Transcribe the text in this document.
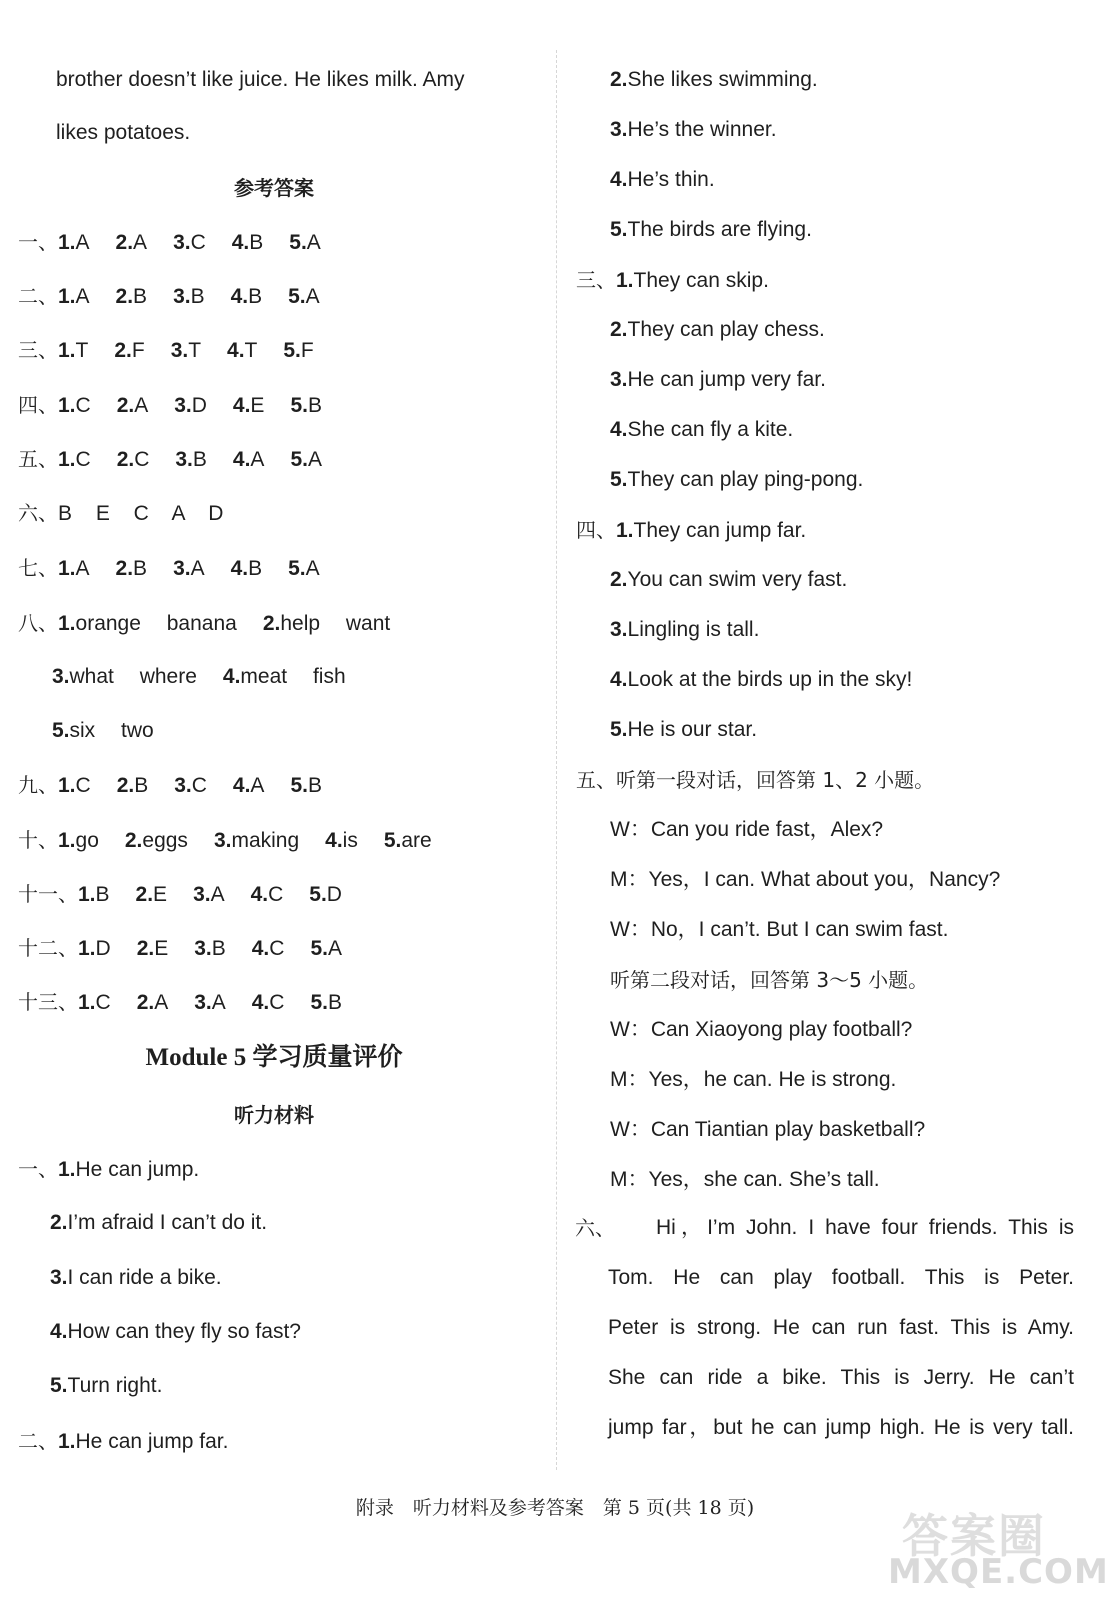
brother doesn’t like juice. He likes milk. Amy
likes potatoes.
参考答案
一、1.A 2.A 3.C 4.B 5.A
二、1.A 2.B 3.B 4.B 5.A
三、1.T 2.F 3.T 4.T 5.F
四、1.C 2.A 3.D 4.E 5.B
五、1.C 2.C 3.B 4.A 5.A
六、B E C A D
七、1.A 2.B 3.A 4.B 5.A
八、1.orange banana 2.help want
3.what where 4.meat fish
5.six two
九、1.C 2.B 3.C 4.A 5.B
十、1.go 2.eggs 3.making 4.is 5.are
十一、1.B 2.E 3.A 4.C 5.D
十二、1.D 2.E 3.B 4.C 5.A
十三、1.C 2.A 3.A 4.C 5.B
Module 5 学习质量评价
听力材料
一、1.He can jump.
2.I’m afraid I can’t do it.
3.I can ride a bike.
4.How can they fly so fast?
5.Turn right.
二、1.He can jump far.
2.She likes swimming.
3.He’s the winner.
4.He’s thin.
5.The birds are flying.
三、1.They can skip.
2.They can play chess.
3.He can jump very far.
4.She can fly a kite.
5.They can play ping-pong.
四、1.They can jump far.
2.You can swim very fast.
3.Lingling is tall.
4.Look at the birds up in the sky!
5.He is our star.
五、听第一段对话，回答第 1、2 小题。
W：Can you ride fast，Alex?
M：Yes，I can. What about you，Nancy?
W：No，I can’t. But I can swim fast.
听第二段对话，回答第 3～5 小题。
W：Can Xiaoyong play football?
M：Yes，he can. He is strong.
W：Can Tiantian play basketball?
M：Yes，she can. She’s tall.
六、 Hi，I’m John. I have four friends. This is
Tom. He can play football. This is Peter.
Peter is strong. He can run fast. This is Amy.
She can ride a bike. This is Jerry. He can’t
jump far，but he can jump high. He is very tall.
附录　听力材料及参考答案　第 5 页(共 18 页)
答案圈
MXQE.COM
